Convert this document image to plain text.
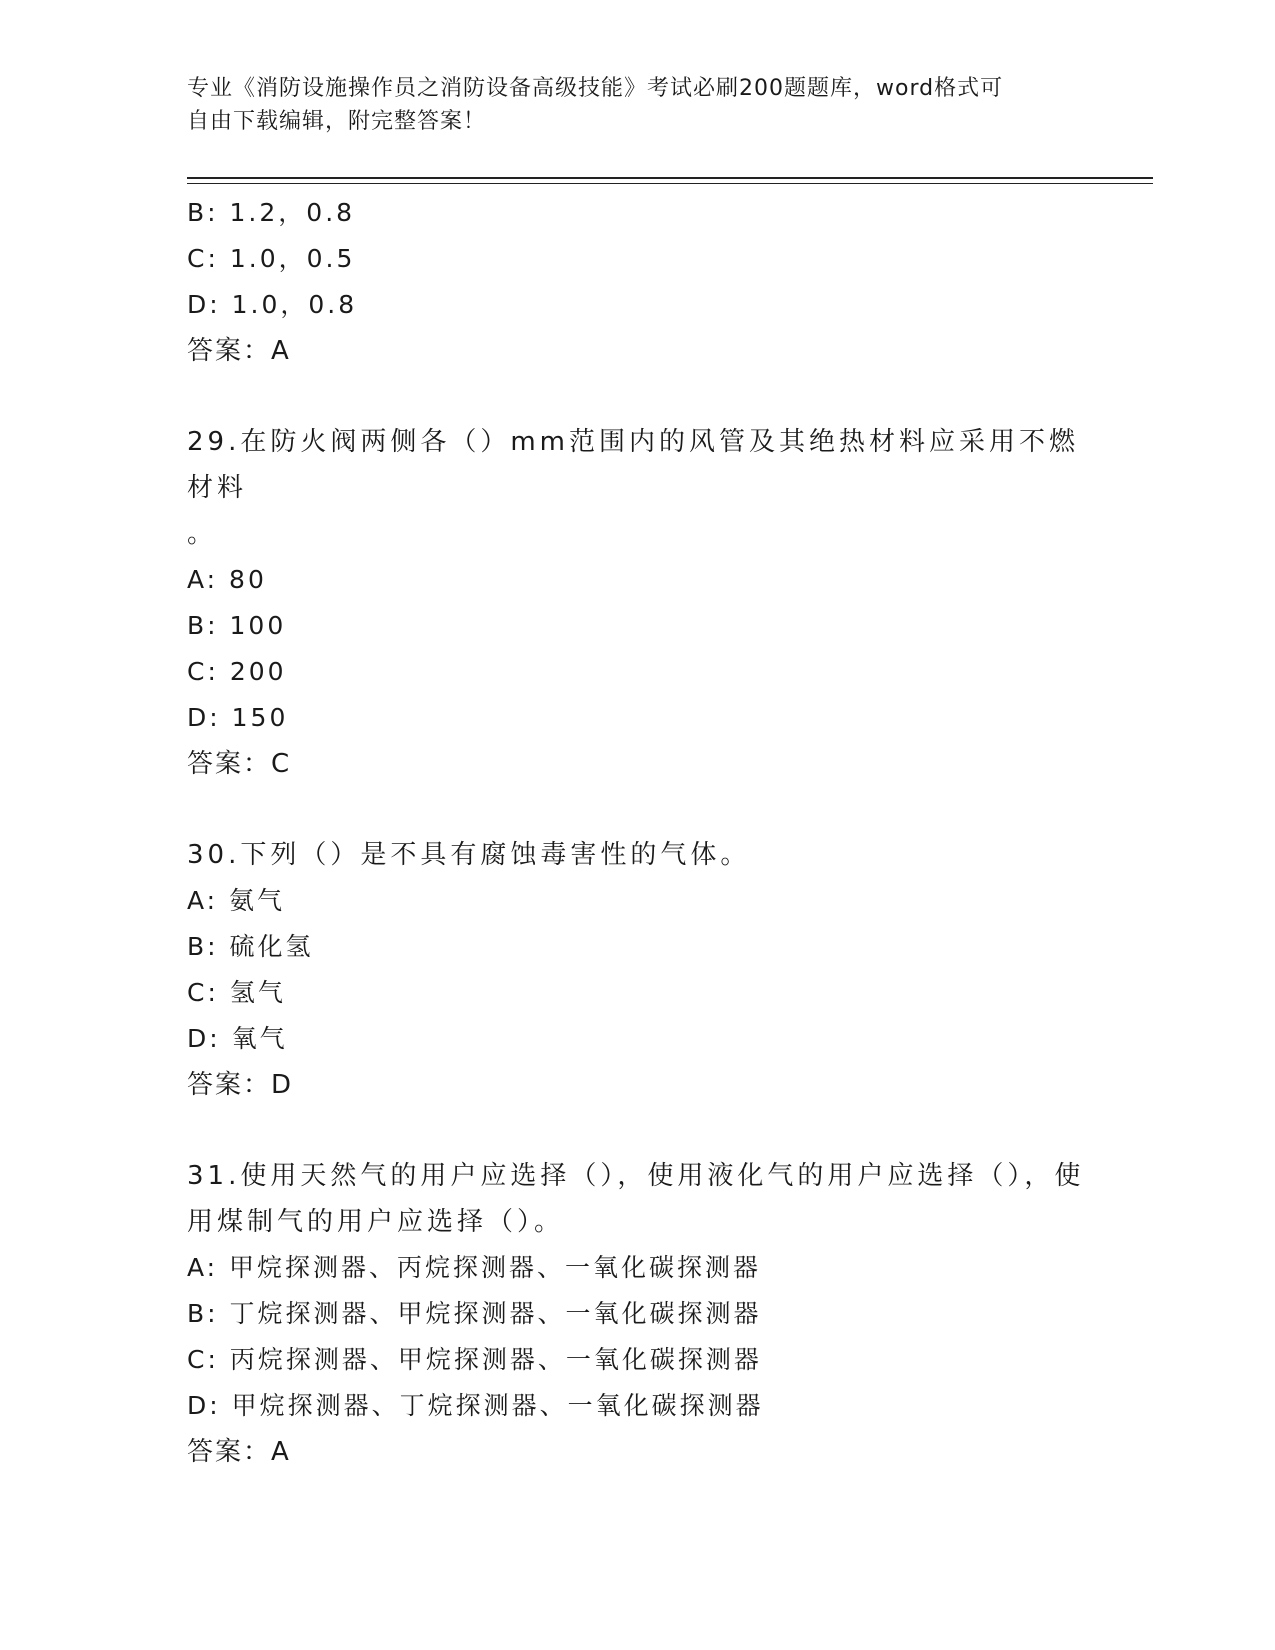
专业《消防设施操作员之消防设备高级技能》考试必刷200题题库，word格式可
自由下载编辑，附完整答案！
B: 1.2，0.8
C: 1.0，0.5
D: 1.0，0.8
答案：A
29.在防火阀两侧各（）mm范围内的风管及其绝热材料应采用不燃材料
。
A: 80
B: 100
C: 200
D: 150
答案：C
30.下列（）是不具有腐蚀毒害性的气体。
A: 氨气
B: 硫化氢
C: 氢气
D: 氧气
答案：D
31.使用天然气的用户应选择（），使用液化气的用户应选择（），使
用煤制气的用户应选择（）。
A: 甲烷探测器、丙烷探测器、一氧化碳探测器
B: 丁烷探测器、甲烷探测器、一氧化碳探测器
C: 丙烷探测器、甲烷探测器、一氧化碳探测器
D: 甲烷探测器、丁烷探测器、一氧化碳探测器
答案：A
